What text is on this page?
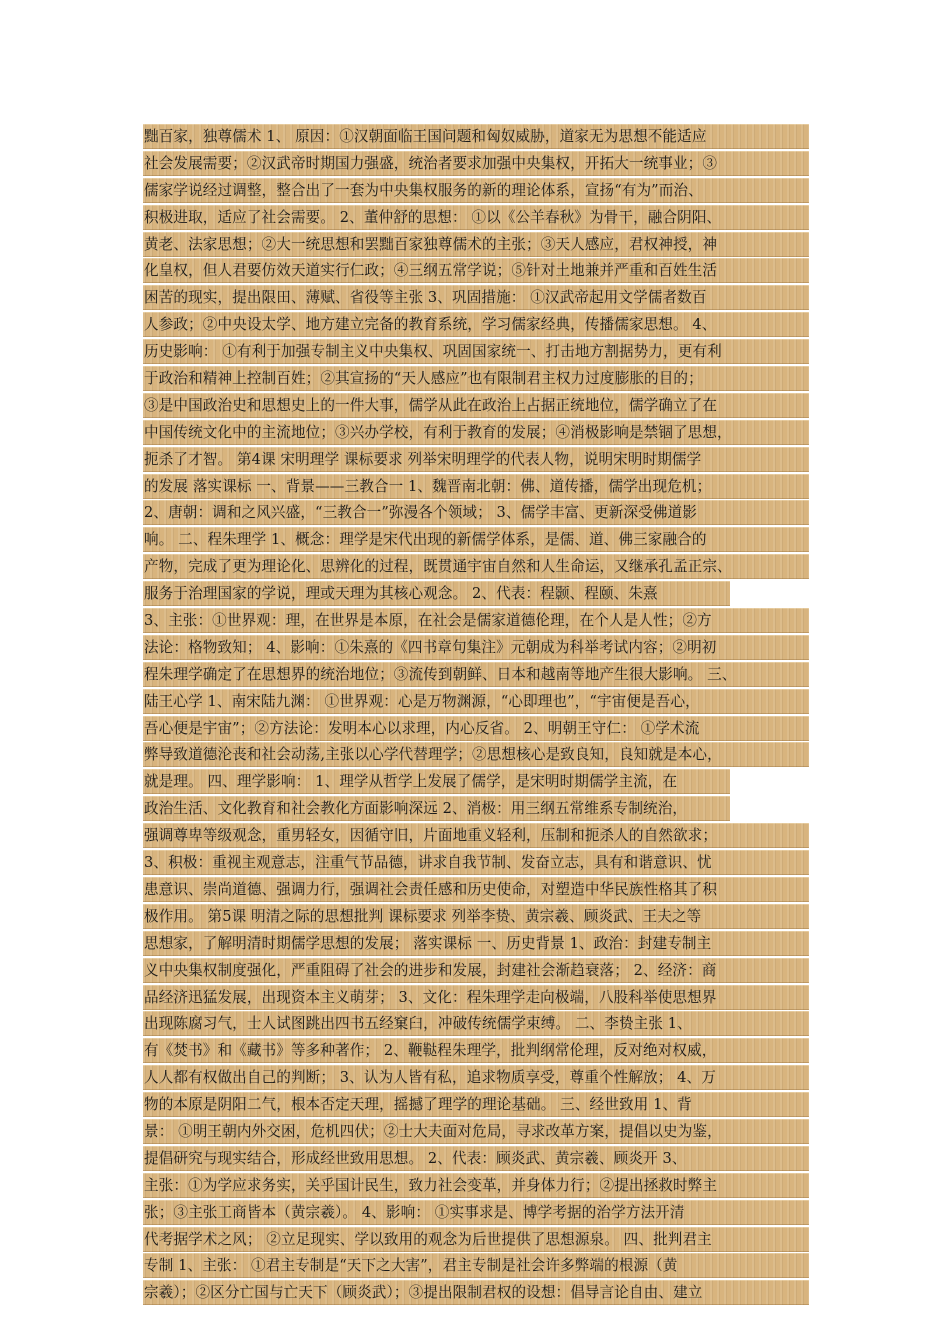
黜百家，独尊儒术 1、 原因：①汉朝面临王国问题和匈奴威胁，道家无为思想不能适应
社会发展需要；②汉武帝时期国力强盛，统治者要求加强中央集权，开拓大一统事业；③
儒家学说经过调整，整合出了一套为中央集权服务的新的理论体系，宣扬“有为”而治、
积极进取，适应了社会需要。 2、董仲舒的思想： ①以《公羊春秋》为骨干，融合阴阳、
黄老、法家思想；②大一统思想和罢黜百家独尊儒术的主张；③天人感应，君权神授，神
化皇权，但人君要仿效天道实行仁政；④三纲五常学说；⑤针对土地兼并严重和百姓生活
困苦的现实，提出限田、薄赋、省役等主张 3、巩固措施： ①汉武帝起用文学儒者数百
人参政；②中央设太学、地方建立完备的教育系统，学习儒家经典，传播儒家思想。 4、
历史影响： ①有利于加强专制主义中央集权、巩固国家统一、打击地方割据势力，更有利
于政治和精神上控制百姓；②其宣扬的“天人感应”也有限制君主权力过度膨胀的目的；
③是中国政治史和思想史上的一件大事，儒学从此在政治上占据正统地位，儒学确立了在
中国传统文化中的主流地位；③兴办学校，有利于教育的发展；④消极影响是禁锢了思想，
扼杀了才智。 第4课 宋明理学 课标要求 列举宋明理学的代表人物，说明宋明时期儒学
的发展 落实课标 一、背景——三教合一 1、魏晋南北朝：佛、道传播，儒学出现危机；
2、唐朝：调和之风兴盛，“三教合一”弥漫各个领域； 3、儒学丰富、更新深受佛道影
响。 二、程朱理学 1、概念：理学是宋代出现的新儒学体系，是儒、道、佛三家融合的
产物，完成了更为理论化、思辨化的过程，既贯通宇宙自然和人生命运，又继承孔孟正宗、
服务于治理国家的学说，理或天理为其核心观念。 2、代表：程颢、程颐、朱熹
3、主张：①世界观：理，在世界是本原，在社会是儒家道德伦理，在个人是人性；②方
法论：格物致知； 4、影响：①朱熹的《四书章句集注》元朝成为科举考试内容；②明初
程朱理学确定了在思想界的统治地位；③流传到朝鲜、日本和越南等地产生很大影响。 三、
陆王心学 1、南宋陆九渊： ①世界观：心是万物渊源，“心即理也”，“宇宙便是吾心，
吾心便是宇宙”；②方法论：发明本心以求理，内心反省。 2、明朝王守仁： ①学术流
弊导致道德沦丧和社会动荡,主张以心学代替理学；②思想核心是致良知，良知就是本心，
就是理。 四、理学影响： 1、理学从哲学上发展了儒学，是宋明时期儒学主流，在
政治生活、文化教育和社会教化方面影响深远 2、消极：用三纲五常维系专制统治，
强调尊卑等级观念，重男轻女，因循守旧，片面地重义轻利，压制和扼杀人的自然欲求；
3、积极：重视主观意志，注重气节品德，讲求自我节制、发奋立志，具有和谐意识、忧
患意识、崇尚道德、强调力行，强调社会责任感和历史使命，对塑造中华民族性格其了积
极作用。 第5课 明清之际的思想批判 课标要求 列举李贽、黄宗羲、顾炎武、王夫之等
思想家，了解明清时期儒学思想的发展； 落实课标 一、历史背景 1、政治：封建专制主
义中央集权制度强化，严重阻碍了社会的进步和发展，封建社会渐趋衰落； 2、经济：商
品经济迅猛发展，出现资本主义萌芽； 3、文化：程朱理学走向极端，八股科举使思想界
出现陈腐习气，士人试图跳出四书五经窠臼，冲破传统儒学束缚。 二、李贽主张 1、
有《焚书》和《藏书》等多种著作； 2、鞭鞑程朱理学，批判纲常伦理，反对绝对权威，
人人都有权做出自己的判断； 3、认为人皆有私，追求物质享受，尊重个性解放； 4、万
物的本原是阴阳二气，根本否定天理，摇撼了理学的理论基础。 三、经世致用 1、背
景： ①明王朝内外交困，危机四伏；②士大夫面对危局，寻求改革方案，提倡以史为鉴，
提倡研究与现实结合，形成经世致用思想。 2、代表：顾炎武、黄宗羲、顾炎开 3、
主张：①为学应求务实，关乎国计民生，致力社会变革，并身体力行；②提出拯救时弊主
张；③主张工商皆本（黄宗羲）。 4、影响： ①实事求是、博学考据的治学方法开清
代考据学术之风； ②立足现实、学以致用的观念为后世提供了思想源泉。 四、批判君主
专制 1、主张： ①君主专制是“天下之大害”，君主专制是社会许多弊端的根源（黄
宗羲）；②区分亡国与亡天下（顾炎武）；③提出限制君权的设想：倡导言论自由、建立
